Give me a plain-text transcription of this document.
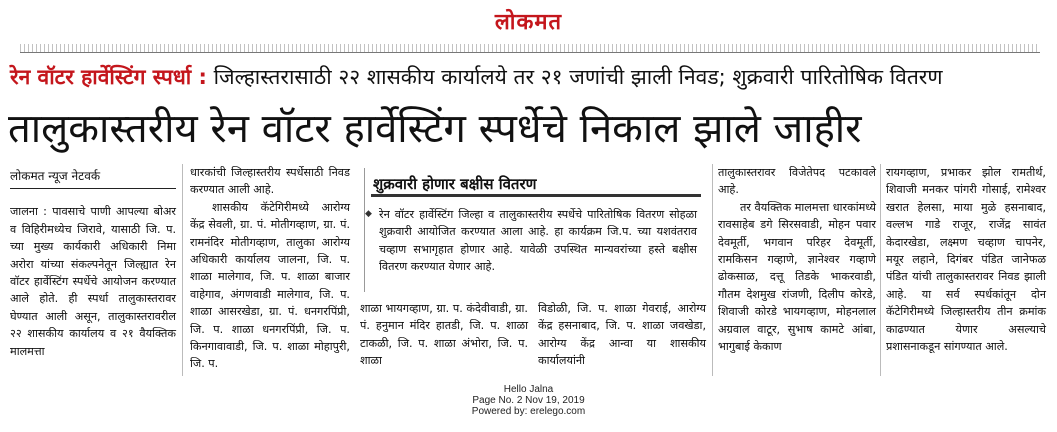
लोकमत
रेन वॉटर हार्वेस्टिंग स्पर्धा : जिल्हास्तरासाठी २२ शासकीय कार्यालये तर २१ जणांची झाली निवड; शुक्रवारी पारितोषिक वितरण
तालुकास्तरीय रेन वॉटर हार्वेस्टिंग स्पर्धेचे निकाल झाले जाहीर
लोकमत न्यूज नेटवर्क

जालना : पावसाचे पाणी आपल्या बोअर व विहिरीमध्येच जिरावे, यासाठी जि. प. च्या मुख्य कार्यकारी अधिकारी निमा अरोरा यांच्या संकल्पनेतून जिल्ह्यात रेन वॉटर हार्वेस्टिंग स्पर्धेचे आयोजन करण्यात आले होते. ही स्पर्धा तालुकास्तरावर घेण्यात आली असून, तालुकास्तरावरील २२ शासकीय कार्यालय व २१ वैयक्तिक मालमत्ता

धारकांची जिल्हास्तरीय स्पर्धेसाठी निवड करण्यात आली आहे.

शासकीय कॅटेगिरीमध्ये आरोग्य केंद्र सेवली, ग्रा. पं. मोतीगव्हाण, ग्रा. पं. रामनंदिर मोतीगव्हाण, तालुका आरोग्य अधिकारी कार्यालय जालना, जि. प. शाळा मालेगाव, जि. प. शाळा बाजार वाहेगाव, अंगणवाडी मालेगाव, जि. प. शाळा आसरखेडा, ग्रा. पं. धनगरपिंप्री, जि. प. शाळा धनगरपिंप्री, जि. प. किनगावावाडी, जि. प. शाळा मोहापुरी, जि. प.

शुक्रवारी होणार बक्षीस वितरण
◆ रेन वॉटर हार्वेस्टिंग जिल्हा व तालुकास्तरीय स्पर्धेचे पारितोषिक वितरण सोहळा शुक्रवारी आयोजित करण्यात आला आहे. हा कार्यक्रम जि.प. च्या यशवंतराव चव्हाण सभागृहात होणार आहे. यावेळी उपस्थित मान्यवरांच्या हस्ते बक्षीस वितरण करण्यात येणार आहे.
शाळा भायगव्हाण, ग्रा. प. कंदेवीवाडी, ग्रा. पं. हनुमान मंदिर हातडी, जि. प. शाळा टाकळी, जि. प. शाळा अंभोरा, जि. प. शाळा
विडोळी, जि. प. शाळा गेवराई, आरोग्य केंद्र हसनाबाद, जि. प. शाळा जवखेडा, आरोग्य केंद्र आन्वा या शासकीय कार्यालयांनी

तालुकास्तरावर विजेतेपद पटकावले आहे.

तर वैयक्तिक मालमत्ता धारकांमध्ये रावसाहेब डगे सिरसवाडी, मोहन पवार देवमूर्ती, भगवान परिहर देवमूर्ती, रामकिसन गव्हाणे, ज्ञानेश्वर गव्हाणे ढोकसाळ, दत्तू तिडके भाकरवाडी, गौतम देशमुख रांजणी, दिलीप कोरडे, शिवाजी कोरडे भायगव्हाण, मोहनलाल अग्रवाल वाटूर, सुभाष कामटे आंबा, भागुबाई केकाण

रायगव्हाण, प्रभाकर झोल रामतीर्थ, शिवाजी मनकर पांगरी गोसाई, रामेश्वर खरात हेलसा, माया मुळे हसनाबाद, वल्लभ गाडे राजूर, राजेंद्र सावंत केदारखेडा, लक्ष्मण चव्हाण चापनेर, मयूर लहाने, दिगंबर पंडित जानेफळ पंडित यांची तालुकास्तरावर निवड झाली आहे. या सर्व स्पर्धकांतून दोन कॅटेगिरीमध्ये जिल्हास्तरीय तीन क्रमांक काढण्यात येणार असल्याचे प्रशासनाकडून सांगण्यात आले.

Hello Jalna
Page No. 2 Nov 19, 2019
Powered by: erelego.com
